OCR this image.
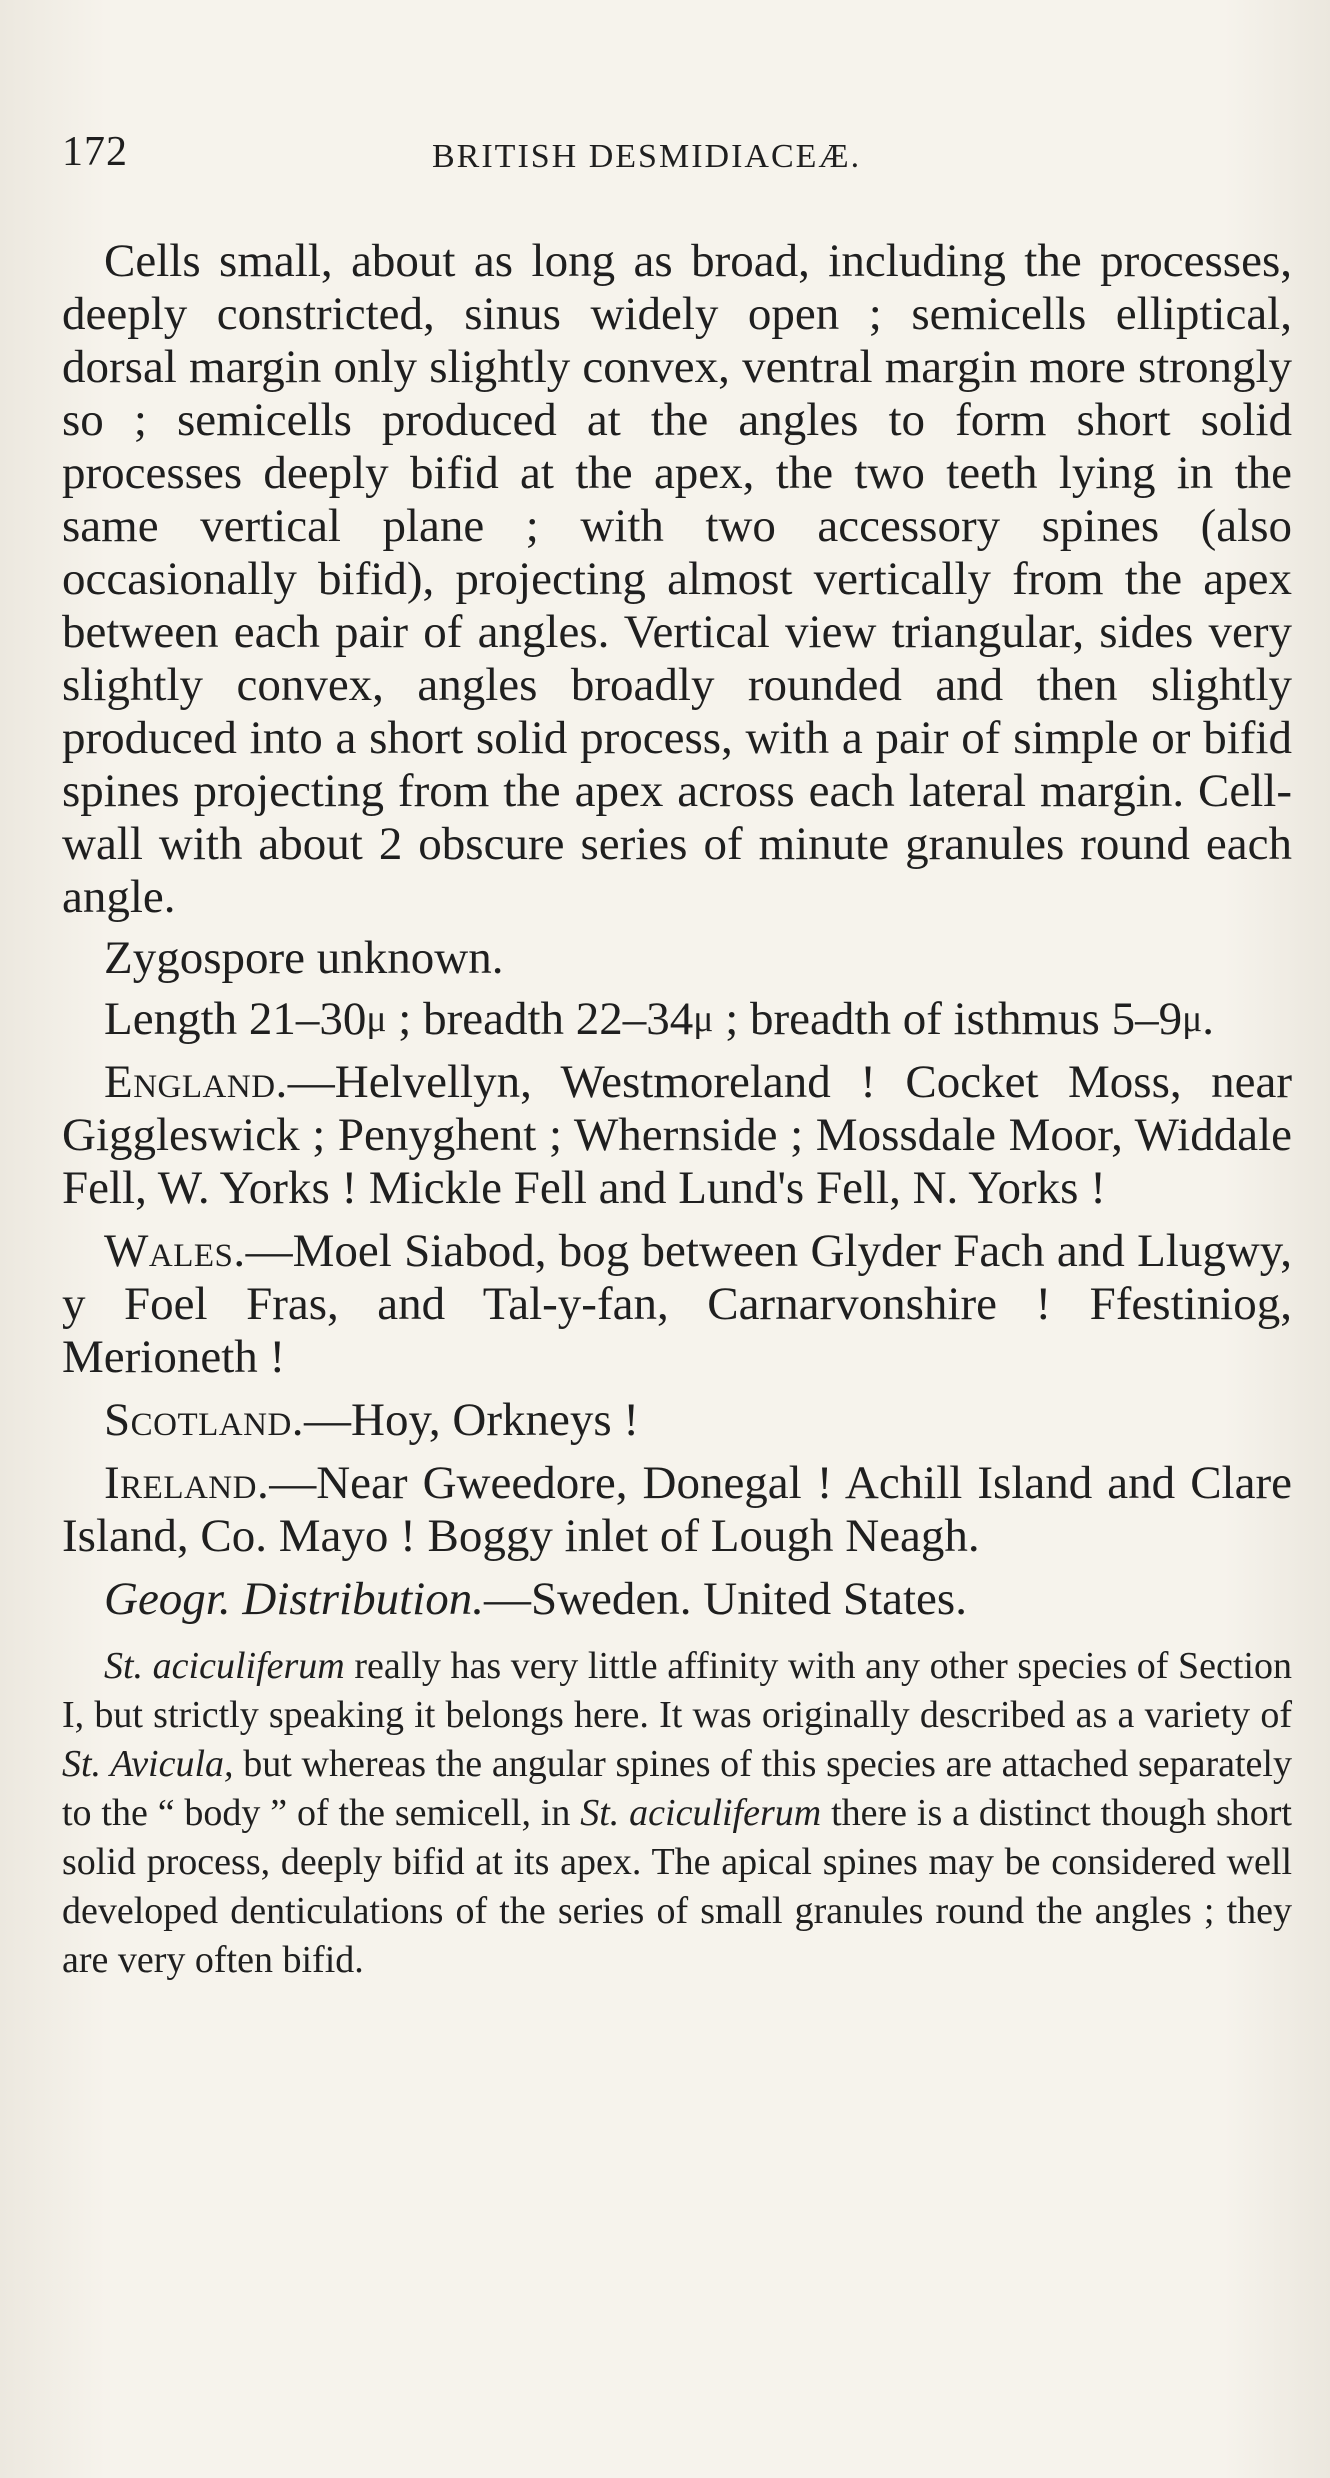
172	BRITISH DESMIDIACEÆ.

Cells small, about as long as broad, including the processes, deeply constricted, sinus widely open ; semicells elliptical, dorsal margin only slightly convex, ventral margin more strongly so ; semicells produced at the angles to form short solid processes deeply bifid at the apex, the two teeth lying in the same vertical plane ; with two accessory spines (also occasionally bifid), projecting almost vertically from the apex between each pair of angles. Vertical view triangular, sides very slightly convex, angles broadly rounded and then slightly produced into a short solid process, with a pair of simple or bifid spines projecting from the apex across each lateral margin. Cell-wall with about 2 obscure series of minute granules round each angle.

Zygospore unknown.

Length 21–30μ ; breadth 22–34μ ; breadth of isthmus 5–9μ.

England.—Helvellyn, Westmoreland ! Cocket Moss, near Giggleswick ; Penyghent ; Whernside ; Mossdale Moor, Widdale Fell, W. Yorks ! Mickle Fell and Lund's Fell, N. Yorks !

Wales.—Moel Siabod, bog between Glyder Fach and Llugwy, y Foel Fras, and Tal-y-fan, Carnarvonshire ! Ffestiniog, Merioneth !

Scotland.—Hoy, Orkneys !

Ireland.—Near Gweedore, Donegal ! Achill Island and Clare Island, Co. Mayo ! Boggy inlet of Lough Neagh.

Geogr. Distribution.—Sweden. United States.

St. aciculiferum really has very little affinity with any other species of Section I, but strictly speaking it belongs here. It was originally described as a variety of St. Avicula, but whereas the angular spines of this species are attached separately to the “ body ” of the semicell, in St. aciculiferum there is a distinct though short solid process, deeply bifid at its apex. The apical spines may be considered well developed denticulations of the series of small granules round the angles ; they are very often bifid.
